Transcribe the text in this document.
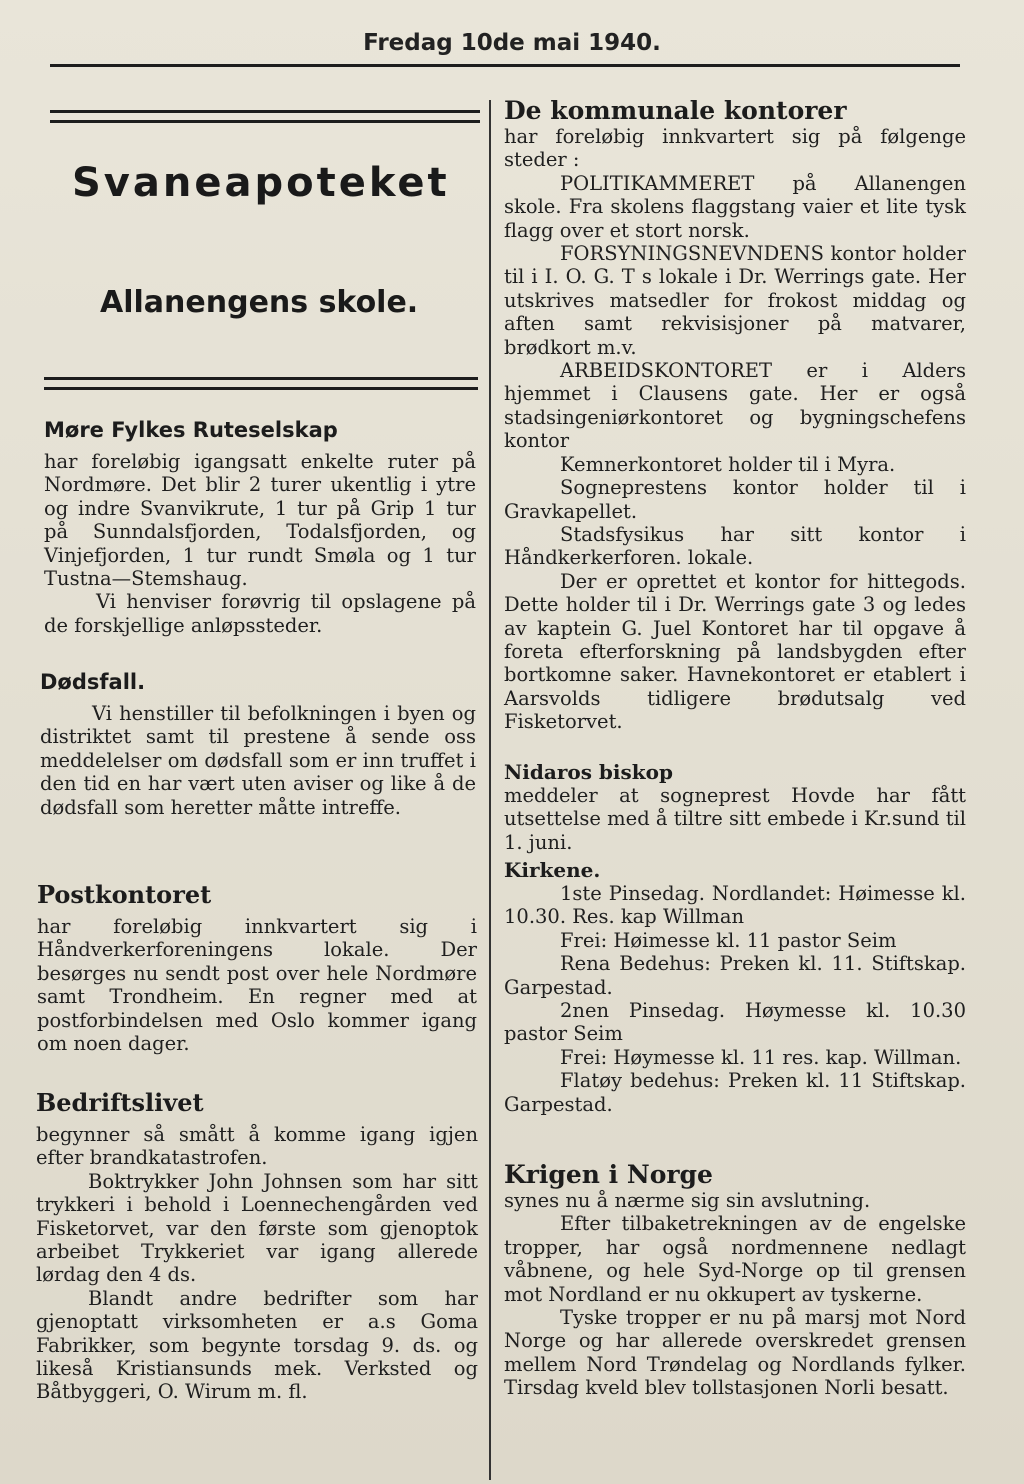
Fredag 10de mai 1940.
Svaneapoteket
Allanengens skole.
Møre Fylkes Ruteselskap

har foreløbig igangsatt enkelte ruter på Nordmøre. Det blir 2 turer ukentlig i ytre og indre Svanvikrute, 1 tur på Grip 1 tur på Sunndalsfjorden, Todalsfjorden, og Vinjefjorden, 1 tur rundt Smøla og 1 tur Tustna—Stemshaug.

Vi henviser forøvrig til opslagene på de forskjellige anløpssteder.

Dødsfall.

Vi henstiller til befolkningen i byen og distriktet samt til prestene å sende oss meddelelser om dødsfall som er inn truffet i den tid en har vært uten aviser og like å de dødsfall som heretter måtte intreffe.

Postkontoret

har foreløbig innkvartert sig i Håndverkerforeningens lokale. Der besørges nu sendt post over hele Nordmøre samt Trondheim. En regner med at postforbindelsen med Oslo kommer igang om noen dager.

Bedriftslivet

begynner så smått å komme igang igjen efter brandkatastrofen.

Boktrykker John Johnsen som har sitt trykkeri i behold i Loennechengården ved Fisketorvet, var den første som gjenoptok arbeibet Trykkeriet var igang allerede lørdag den 4 ds.

Blandt andre bedrifter som har gjenoptatt virksomheten er a.s Goma Fabrikker, som begynte torsdag 9. ds. og likeså Kristiansunds mek. Verksted og Båtbyggeri, O. Wirum m. fl.

De kommunale kontorer

har foreløbig innkvartert sig på følgenge steder :

POLITIKAMMERET på Allanengen skole. Fra skolens flaggstang vaier et lite tysk flagg over et stort norsk.

FORSYNINGSNEVNDENS kontor holder til i I. O. G. T s lokale i Dr. Werrings gate. Her utskrives matsedler for frokost middag og aften samt rekvisisjoner på matvarer, brødkort m.v.

ARBEIDSKONTORET er i Alders hjemmet i Clausens gate. Her er også stadsingeniørkontoret og bygningschefens kontor

Kemnerkontoret holder til i Myra.

Sogneprestens kontor holder til i Gravkapellet.

Stadsfysikus har sitt kontor i Håndkerkerforen. lokale.

Der er oprettet et kontor for hittegods. Dette holder til i Dr. Werrings gate 3 og ledes av kaptein G. Juel Kontoret har til opgave å foreta efterforskning på landsbygden efter bortkomne saker. Havnekontoret er etablert i Aarsvolds tidligere brødutsalg ved Fisketorvet.

Nidaros biskop

meddeler at sogneprest Hovde har fått utsettelse med å tiltre sitt embede i Kr.sund til 1. juni.

Kirkene.

1ste Pinsedag. Nordlandet: Høimesse kl. 10.30. Res. kap Willman

Frei: Høimesse kl. 11 pastor Seim

Rena Bedehus: Preken kl. 11. Stiftskap. Garpestad.

2nen Pinsedag. Høymesse kl. 10.30 pastor Seim

Frei: Høymesse kl. 11 res. kap. Willman.

Flatøy bedehus: Preken kl. 11 Stiftskap. Garpestad.

Krigen i Norge

synes nu å nærme sig sin avslutning.

Efter tilbaketrekningen av de engelske tropper, har også nordmennene nedlagt våbnene, og hele Syd-Norge op til grensen mot Nordland er nu okkupert av tyskerne.

Tyske tropper er nu på marsj mot Nord Norge og har allerede overskredet grensen mellem Nord Trøndelag og Nordlands fylker. Tirsdag kveld blev tollstasjonen Norli besatt.
